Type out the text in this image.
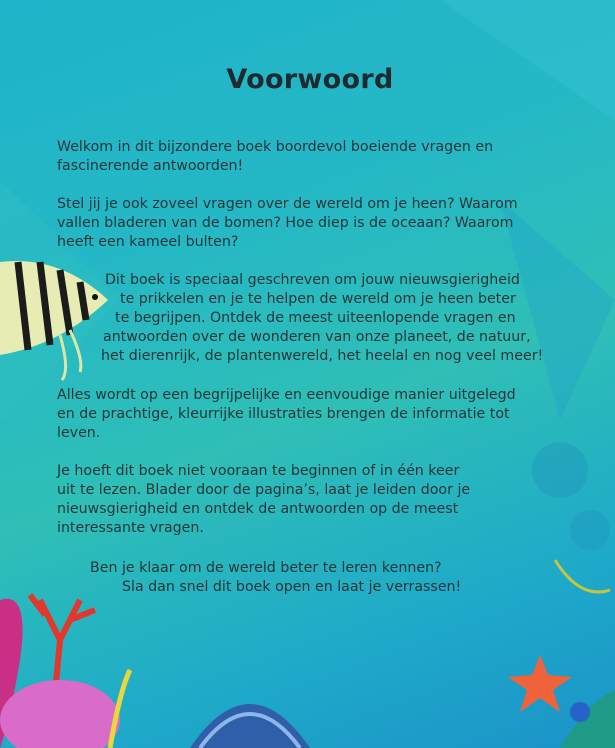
Voorwoord
Welkom in dit bijzondere boek boordevol boeiende vragen en
fascinerende antwoorden!
Stel jij je ook zoveel vragen over de wereld om je heen? Waarom
vallen bladeren van de bomen? Hoe diep is de oceaan? Waarom
heeft een kameel bulten?
Dit boek is speciaal geschreven om jouw nieuwsgierigheid
te prikkelen en je te helpen de wereld om je heen beter
te begrijpen. Ontdek de meest uiteenlopende vragen en
antwoorden over de wonderen van onze planeet, de natuur,
het dierenrijk, de plantenwereld, het heelal en nog veel meer!
Alles wordt op een begrijpelijke en eenvoudige manier uitgelegd
en de prachtige, kleurrijke illustraties brengen de informatie tot
leven.
Je hoeft dit boek niet vooraan te beginnen of in één keer
uit te lezen. Blader door de pagina’s, laat je leiden door je
nieuwsgierigheid en ontdek de antwoorden op de meest
interessante vragen.
Ben je klaar om de wereld beter te leren kennen?
Sla dan snel dit boek open en laat je verrassen!
